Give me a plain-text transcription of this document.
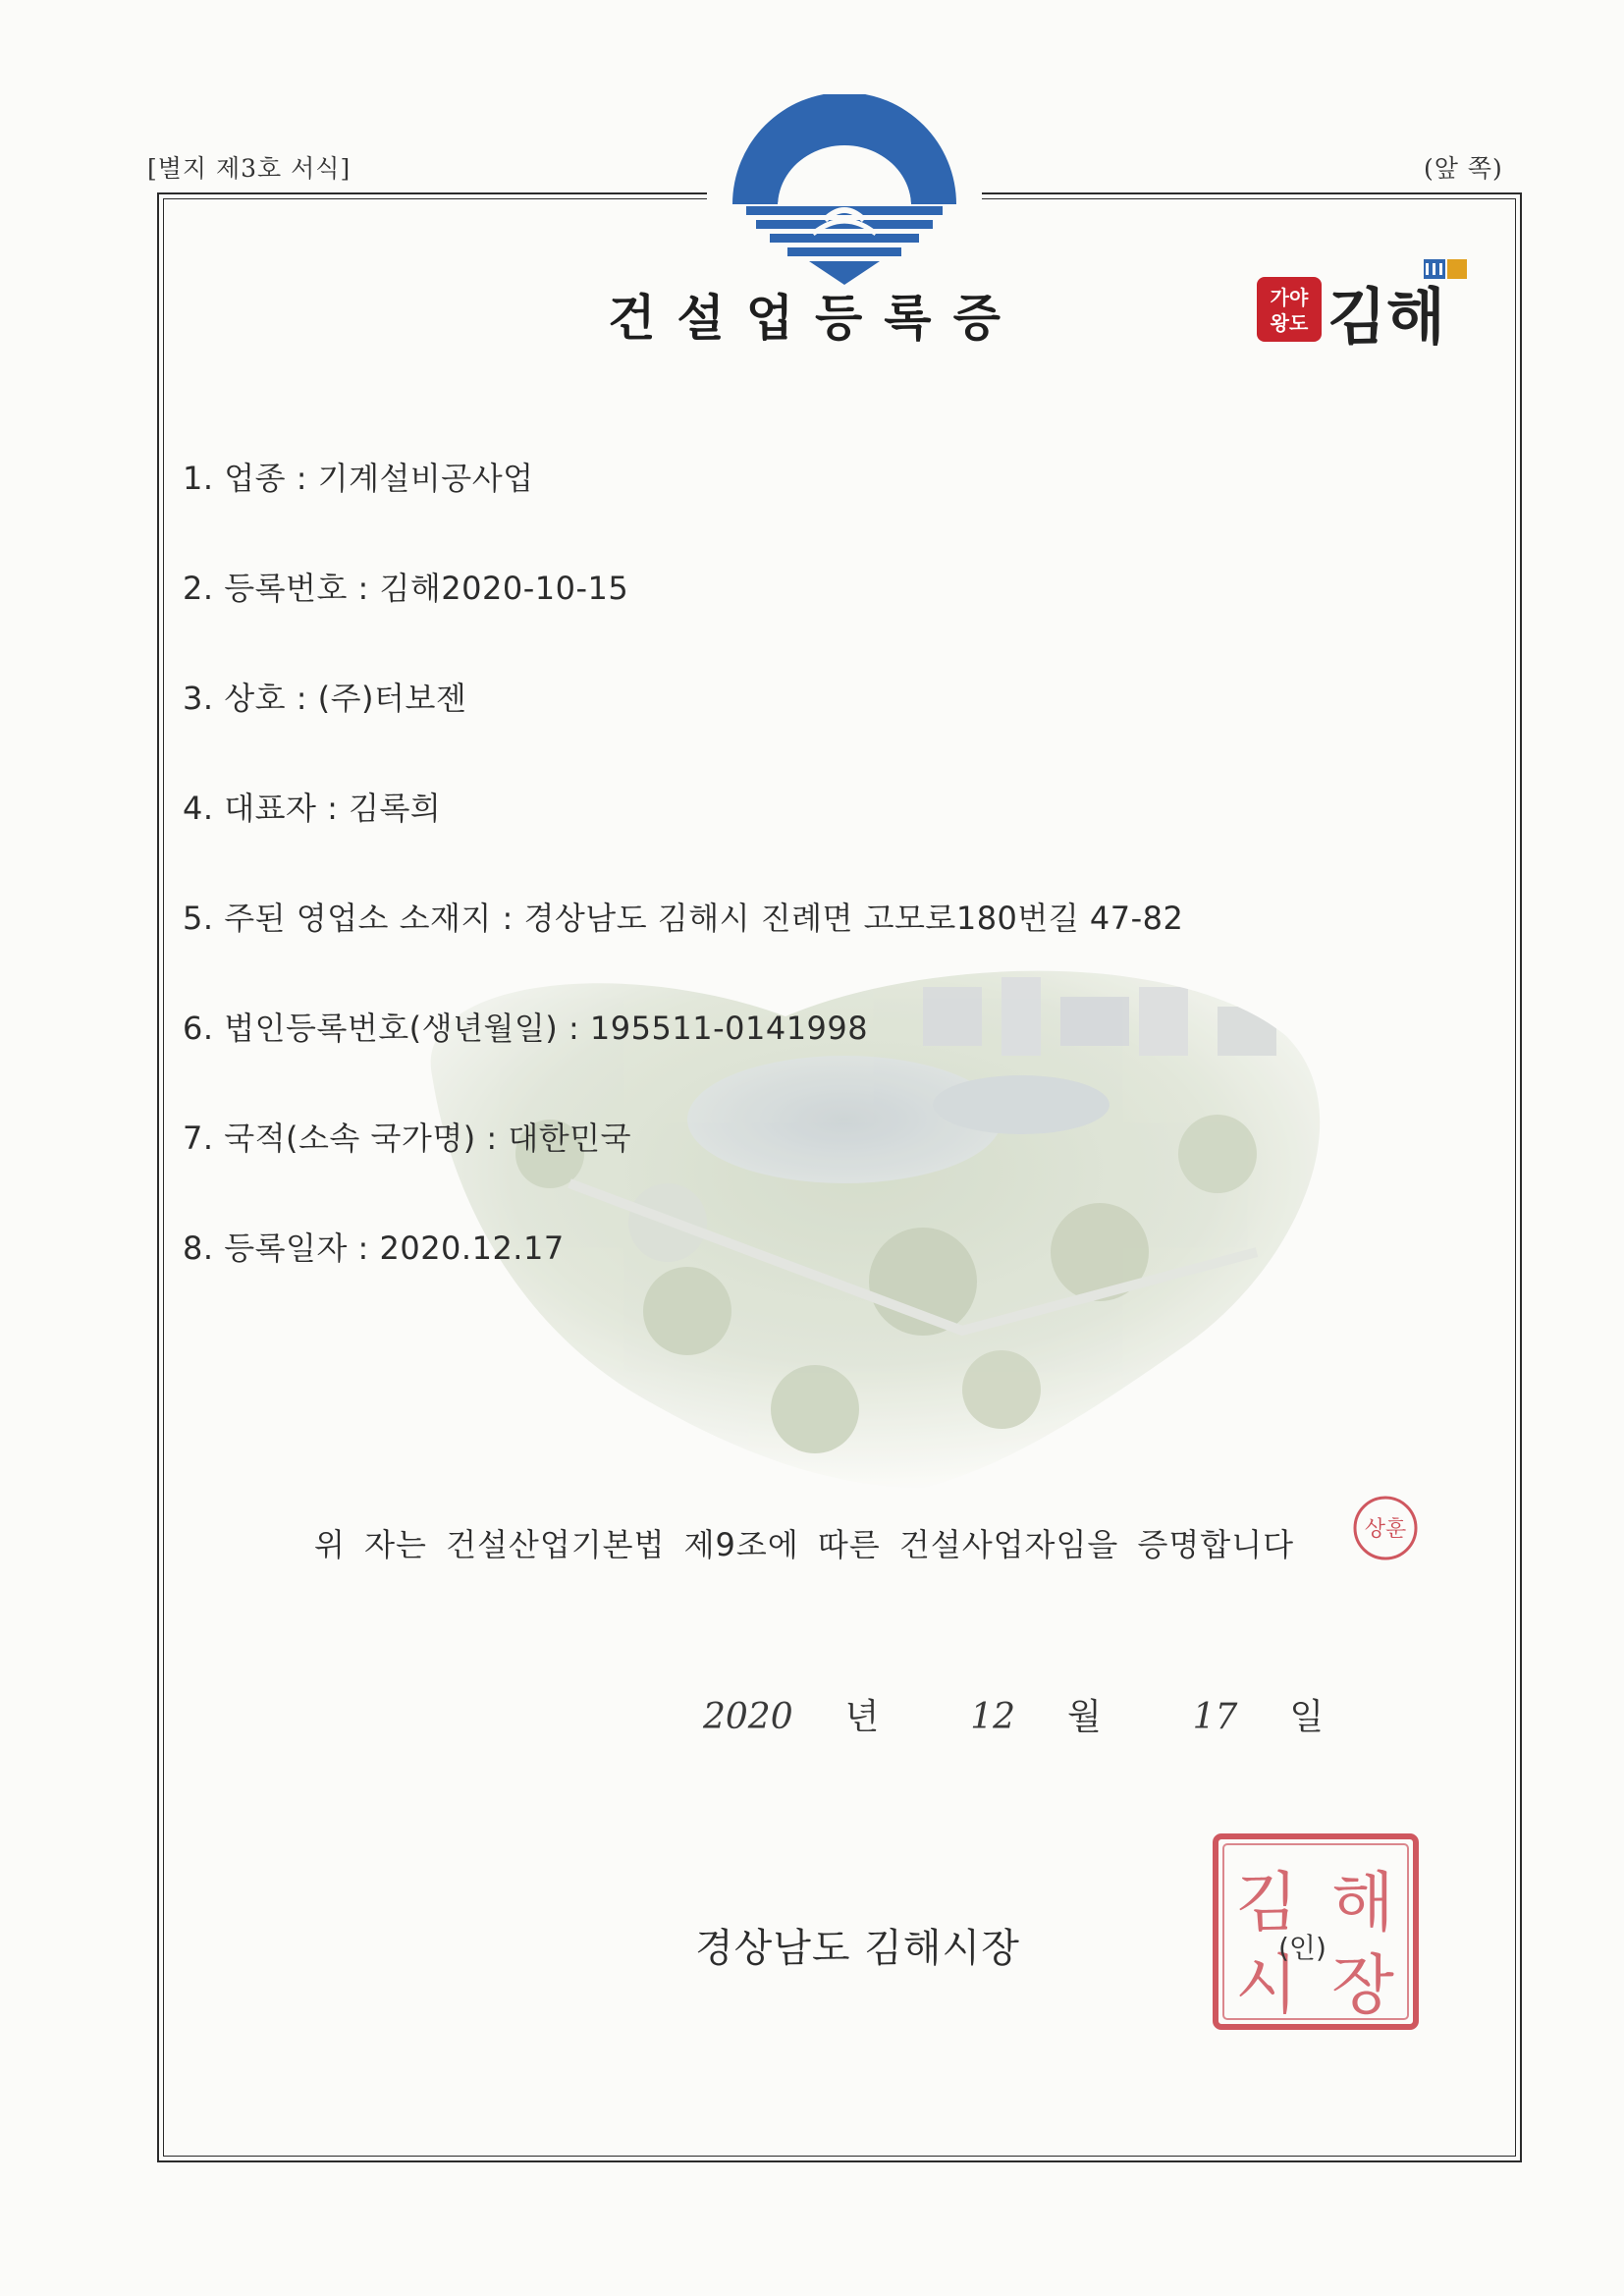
[별지 제3호 서식]	(앞 쪽)
건설업등록증	가야
왕도 김해
1. 업종 : 기계설비공사업
2. 등록번호 : 김해2020-10-15
3. 상호 : (주)터보젠
4. 대표자 : 김록희
5. 주된 영업소 소재지 : 경상남도 김해시 진례면 고모로180번길 47-82
6. 법인등록번호(생년월일) : 195511-0141998
7. 국적(소속 국가명) : 대한민국
8. 등록일자 : 2020.12.17
위 자는 건설산업기본법 제9조에 따른 건설사업자임을 증명합니다	상훈
2020 년	12 월	17 일
김 해
시 장
경상남도 김해시장	(인)
